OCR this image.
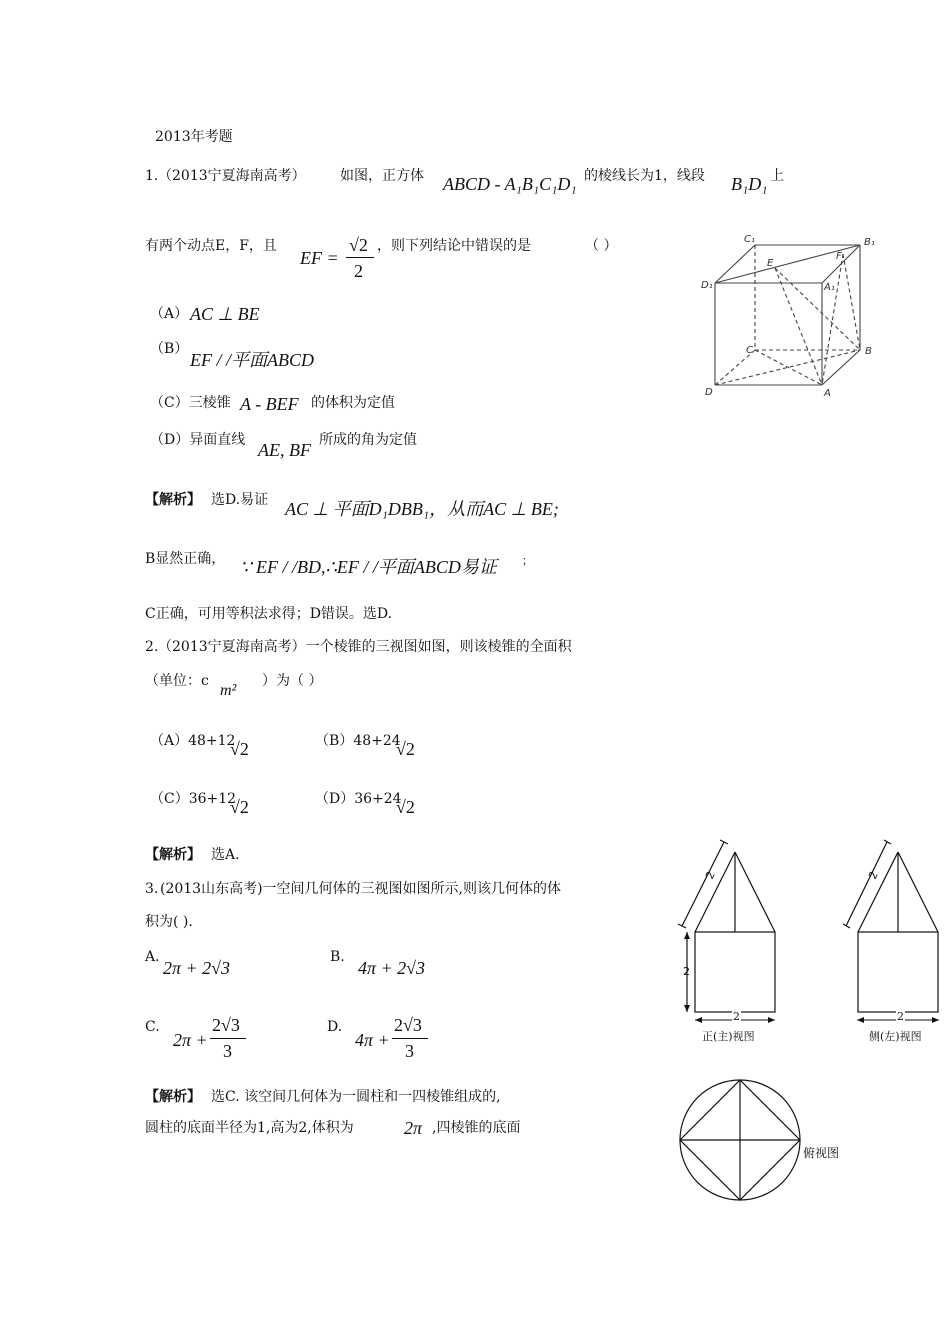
2013年考题
1. （2013宁夏海南高考） 如图，正方体 ABCD - A₁B₁C₁D₁ 的棱线长为1，线段 B₁D₁ 上
有两个动点E，F，且
EF =
√2
2
，则下列结论中错误的是	（ ）
（A） AC ⊥ BE
（B）
EF / /平面ABCD
（C）三棱锥 A - BEF 的体积为定值
（D）异面直线 AE, BF 所成的角为定值
【解析】 选D.易证 AC ⊥ 平面D₁DBB₁，从而AC ⊥ BE;
B显然正确， ∵ EF / /BD,∴EF / /平面ABCD易证 ；
C正确，可用等积法求得；D错误。选D.
C₁	B₁
E
F
D₁	A₁
C	B
D	A
2. （2013宁夏海南高考）一个棱锥的三视图如图，则该棱锥的全面积
（单位：c
m²
）为（ ）
（A）48+12
√2	（B）48+24
√2
（C）36+12
√2	（D）36+24
√2
【解析】 选A.
3. (2013山东高考)一空间几何体的三视图如图所示,则该几何体的体
积为( ).
A.
2π + 2√3
B.
4π + 2√3
C.
2π +
2√3
3
D.
4π +
2√3
3
【解析】 选C. 该空间几何体为一圆柱和一四棱锥组成的,
圆柱的底面半径为1,高为2,体积为	2π ,四棱锥的底面
2
2
2
正(主)视图
2
2
侧(左)视图
俯视图
